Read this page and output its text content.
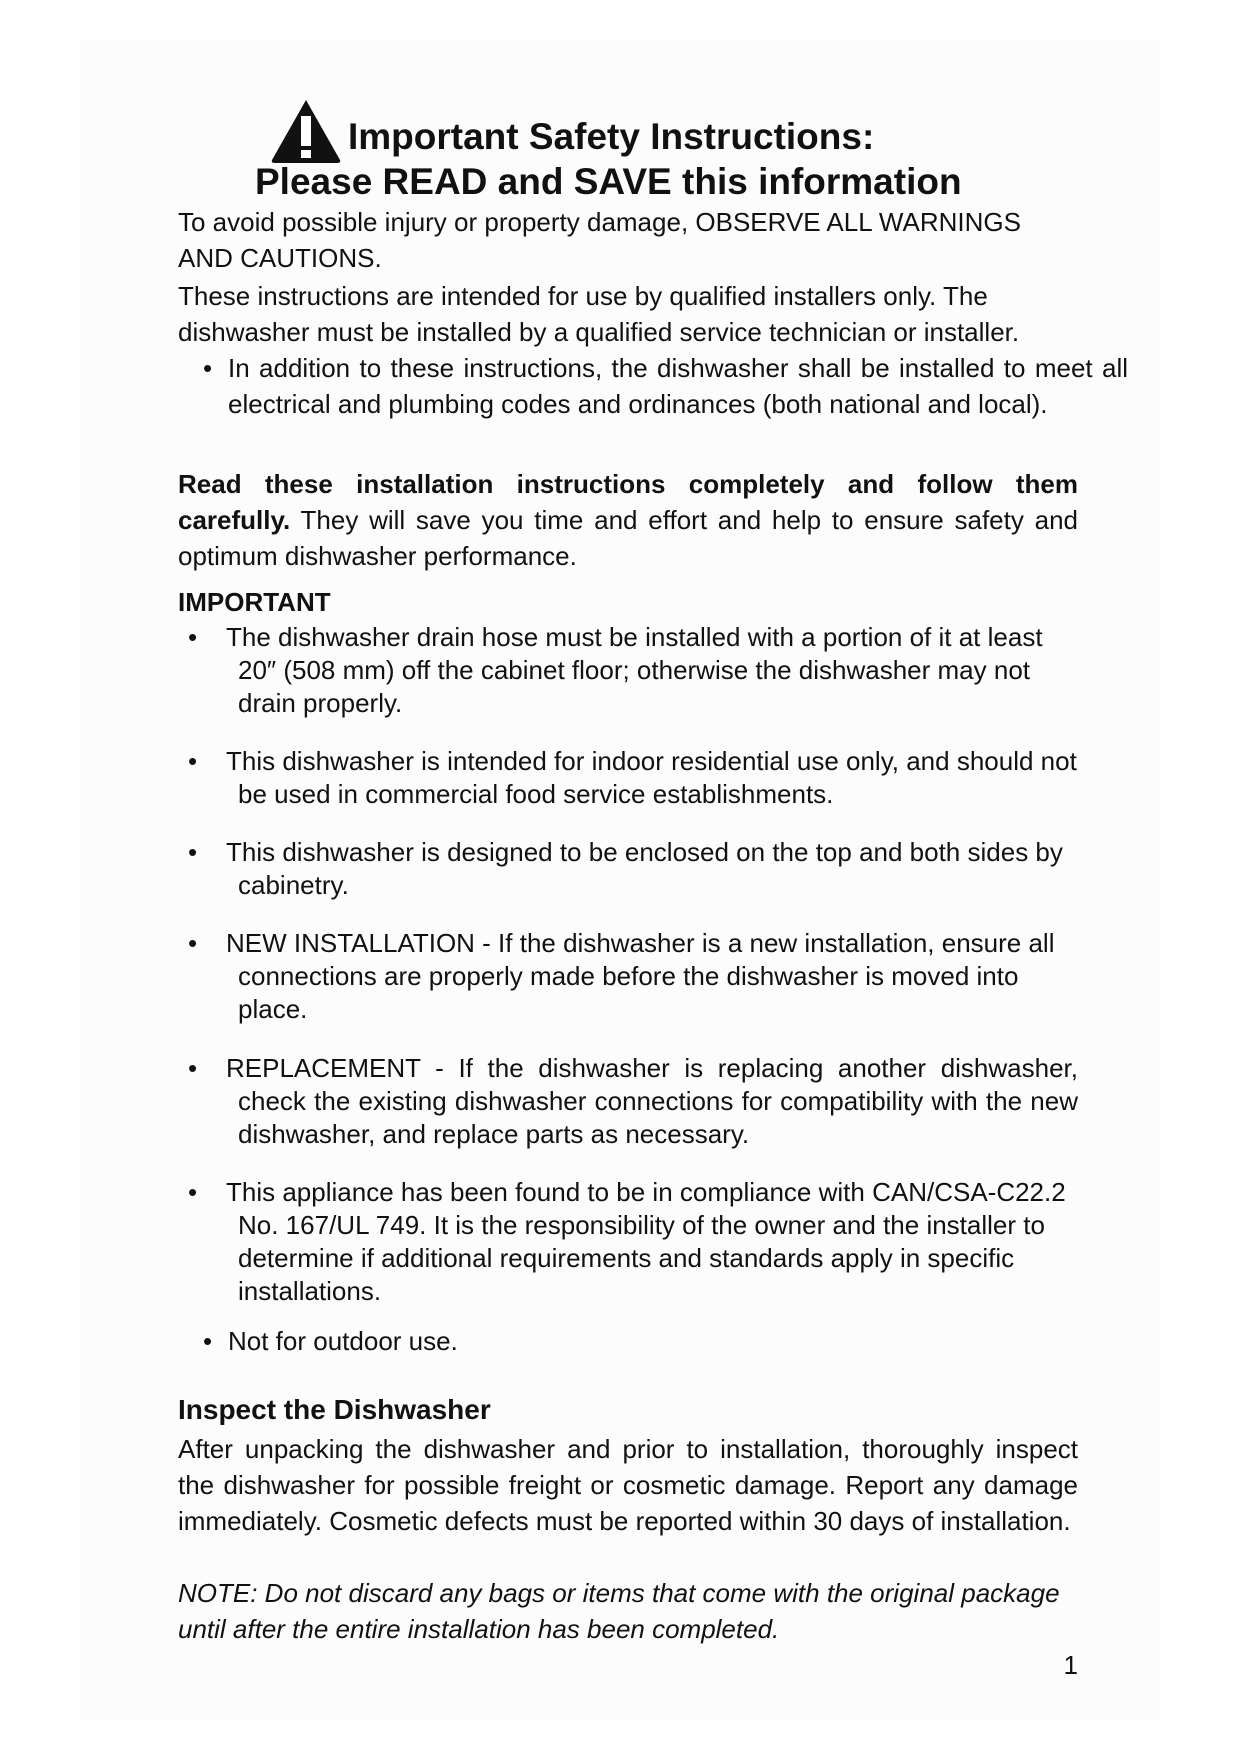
Important Safety Instructions:
Please READ and SAVE this information
To avoid possible injury or property damage, OBSERVE ALL WARNINGS AND CAUTIONS.
These instructions are intended for use by qualified installers only. The dishwasher must be installed by a qualified service technician or installer.
• In addition to these instructions, the dishwasher shall be installed to meet all electrical and plumbing codes and ordinances (both national and local).
Read these installation instructions completely and follow them carefully. They will save you time and effort and help to ensure safety and optimum dishwasher performance.
IMPORTANT
• The dishwasher drain hose must be installed with a portion of it at least 20″ (508 mm) off the cabinet floor; otherwise the dishwasher may not drain properly.
• This dishwasher is intended for indoor residential use only, and should not be used in commercial food service establishments.
• This dishwasher is designed to be enclosed on the top and both sides by cabinetry.
• NEW INSTALLATION - If the dishwasher is a new installation, ensure all connections are properly made before the dishwasher is moved into place.
• REPLACEMENT - If the dishwasher is replacing another dishwasher, check the existing dishwasher connections for compatibility with the new dishwasher, and replace parts as necessary.
• This appliance has been found to be in compliance with CAN/CSA-C22.2 No. 167/UL 749. It is the responsibility of the owner and the installer to determine if additional requirements and standards apply in specific installations.
• Not for outdoor use.
Inspect the Dishwasher
After unpacking the dishwasher and prior to installation, thoroughly inspect the dishwasher for possible freight or cosmetic damage. Report any damage immediately. Cosmetic defects must be reported within 30 days of installation.
NOTE: Do not discard any bags or items that come with the original package until after the entire installation has been completed.
1
